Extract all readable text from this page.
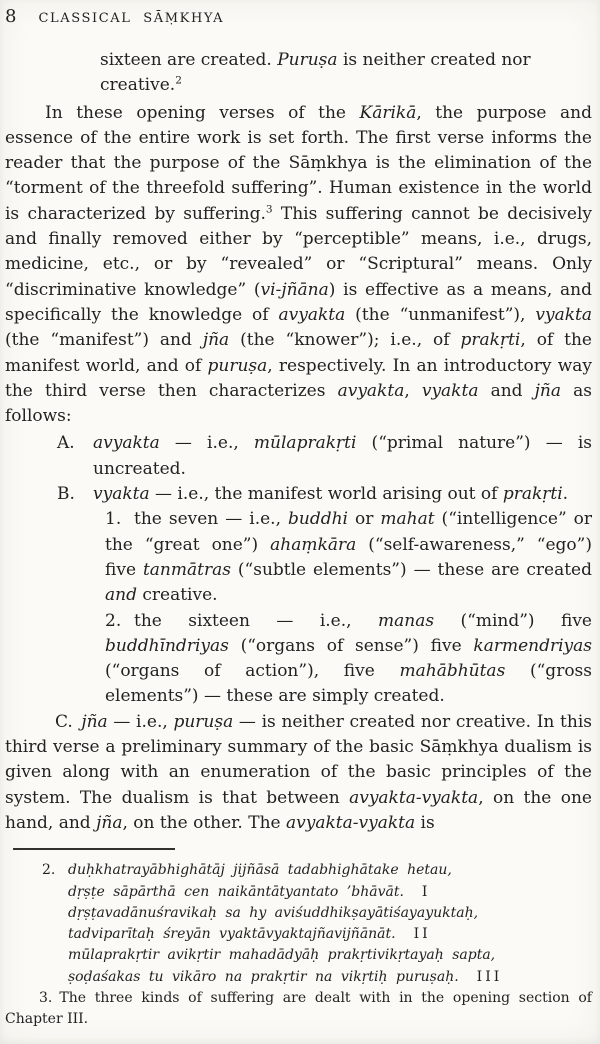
8 CLASSICAL SĀṂKHYA
sixteen are created. Puruṣa is neither created nor creative.$^2$

In these opening verses of the Kārikā, the purpose and essence of the entire work is set forth. The first verse informs the reader that the purpose of the Sāṃkhya is the elimination of the “torment of the threefold suffering”. Human existence in the world is characterized by suffering.$^3$ This suffering cannot be decisively and finally removed either by “perceptible” means, i.e., drugs, medicine, etc., or by “revealed” or “Scriptural” means. Only “discriminative knowledge” (vi-jñāna) is effective as a means, and specifically the knowledge of avyakta (the “unmanifest”), vyakta (the “manifest”) and jña (the “knower”); i.e., of prakṛti, of the manifest world, and of puruṣa, respectively. In an introductory way the third verse then characterizes avyakta, vyakta and jña as follows:

A. avyakta — i.e., mūlaprakṛti (“primal nature”) — is uncreated.
B. vyakta — i.e., the manifest world arising out of prakṛti.
1. the seven — i.e., buddhi or mahat (“intelligence” or the “great one”) ahaṃkāra (“self-awareness,” “ego”) five tanmātras (“subtle elements”) — these are created and creative.
2. the sixteen — i.e., manas (“mind”) five buddhīndriyas (“organs of sense”) five karmendriyas (“organs of action”), five mahābhūtas (“gross elements”) — these are simply created.

C. jña — i.e., puruṣa — is neither created nor creative. In this third verse a preliminary summary of the basic Sāṃkhya dualism is given along with an enumeration of the basic principles of the system. The dualism is that between avyakta-vyakta, on the one hand, and jña, on the other. The avyakta-vyakta is

2. duḥkhatrayābhighātāj jijñāsā tadabhighātake hetau,
dṛṣṭe sāpārthā cen naikāntātyantato ’bhāvāt. I
dṛṣṭavadānuśravikaḥ sa hy aviśuddhikṣayātiśayayuktaḥ,
tadviparītaḥ śreyān vyaktāvyaktajñavijñānāt. II
mūlaprakṛtir avikṛtir mahadādyāḥ prakṛtivikṛtayaḥ sapta,
ṣoḍaśakas tu vikāro na prakṛtir na vikṛtiḥ puruṣaḥ. III

3. The three kinds of suffering are dealt with in the opening section of Chapter III.
